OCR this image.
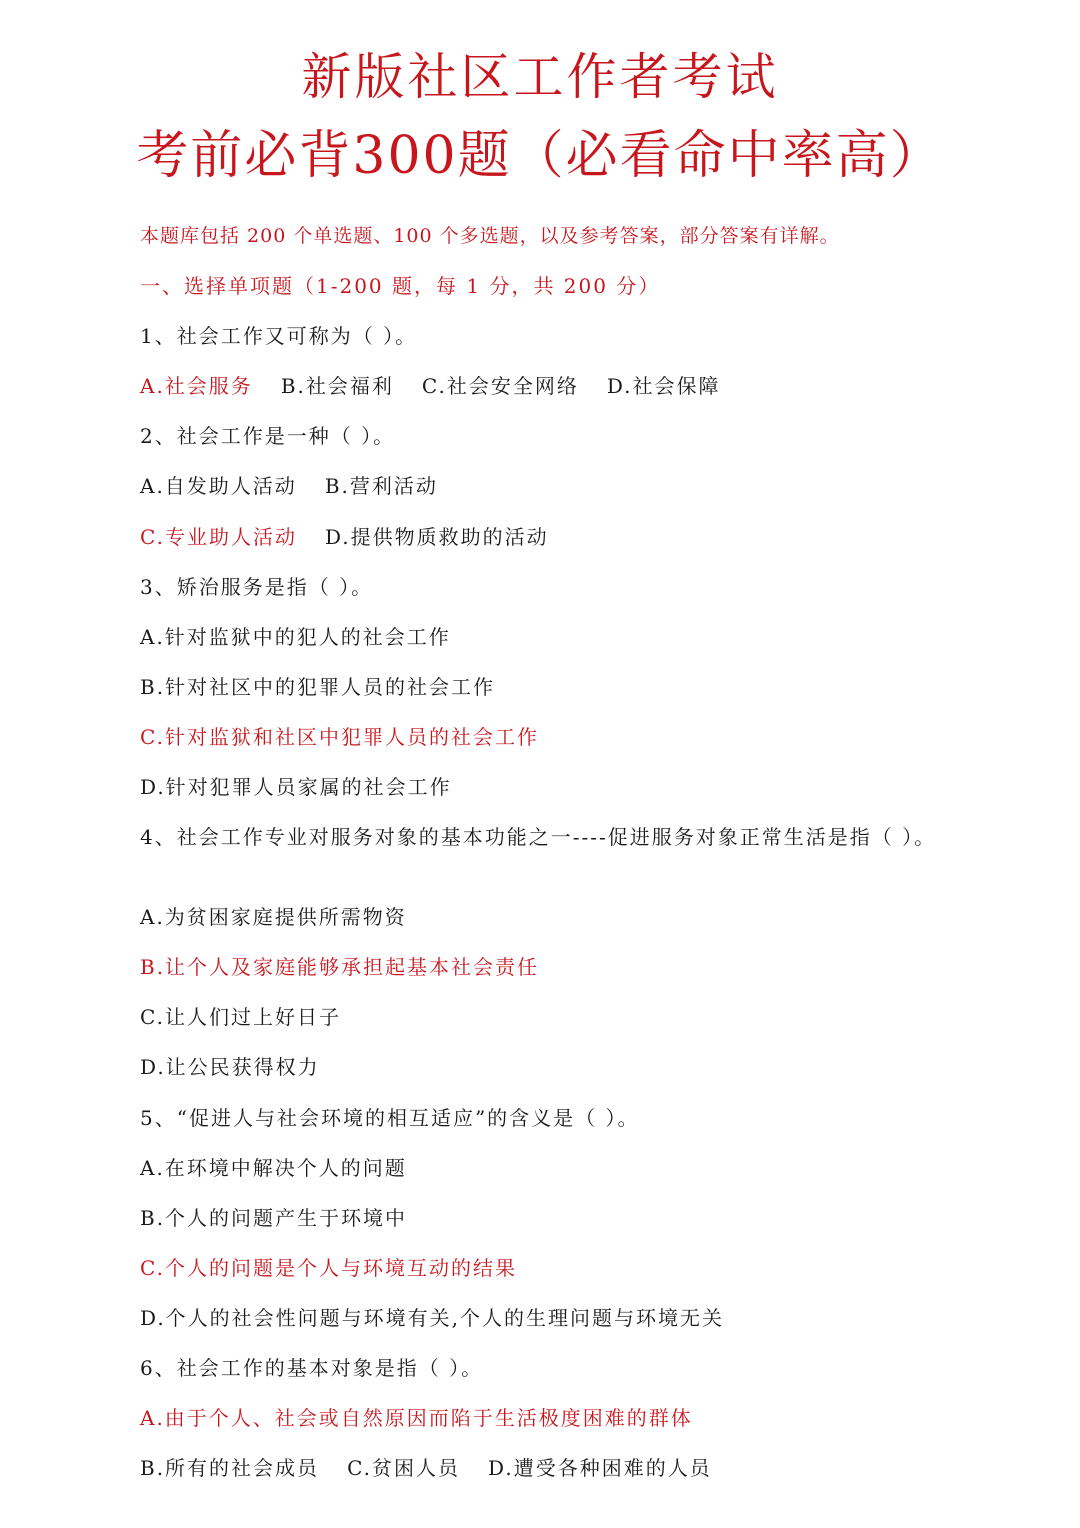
新版社区工作者考试
考前必背300题（必看命中率高）
本题库包括 200 个单选题、100 个多选题，以及参考答案，部分答案有详解。
一、选择单项题（1-200 题，每 1 分，共 200 分）
1、社会工作又可称为（ ）。
A.社会服务 B.社会福利 C.社会安全网络 D.社会保障
2、社会工作是一种（ ）。
A.自发助人活动 B.营利活动
C.专业助人活动 D.提供物质救助的活动
3、矫治服务是指（ ）。
A.针对监狱中的犯人的社会工作
B.针对社区中的犯罪人员的社会工作
C.针对监狱和社区中犯罪人员的社会工作
D.针对犯罪人员家属的社会工作
4、社会工作专业对服务对象的基本功能之一----促进服务对象正常生活是指（ ）。
A.为贫困家庭提供所需物资
B.让个人及家庭能够承担起基本社会责任
C.让人们过上好日子
D.让公民获得权力
5、“促进人与社会环境的相互适应”的含义是（ ）。
A.在环境中解决个人的问题
B.个人的问题产生于环境中
C.个人的问题是个人与环境互动的结果
D.个人的社会性问题与环境有关,个人的生理问题与环境无关
6、社会工作的基本对象是指（ ）。
A.由于个人、社会或自然原因而陷于生活极度困难的群体
B.所有的社会成员 C.贫困人员 D.遭受各种困难的人员
